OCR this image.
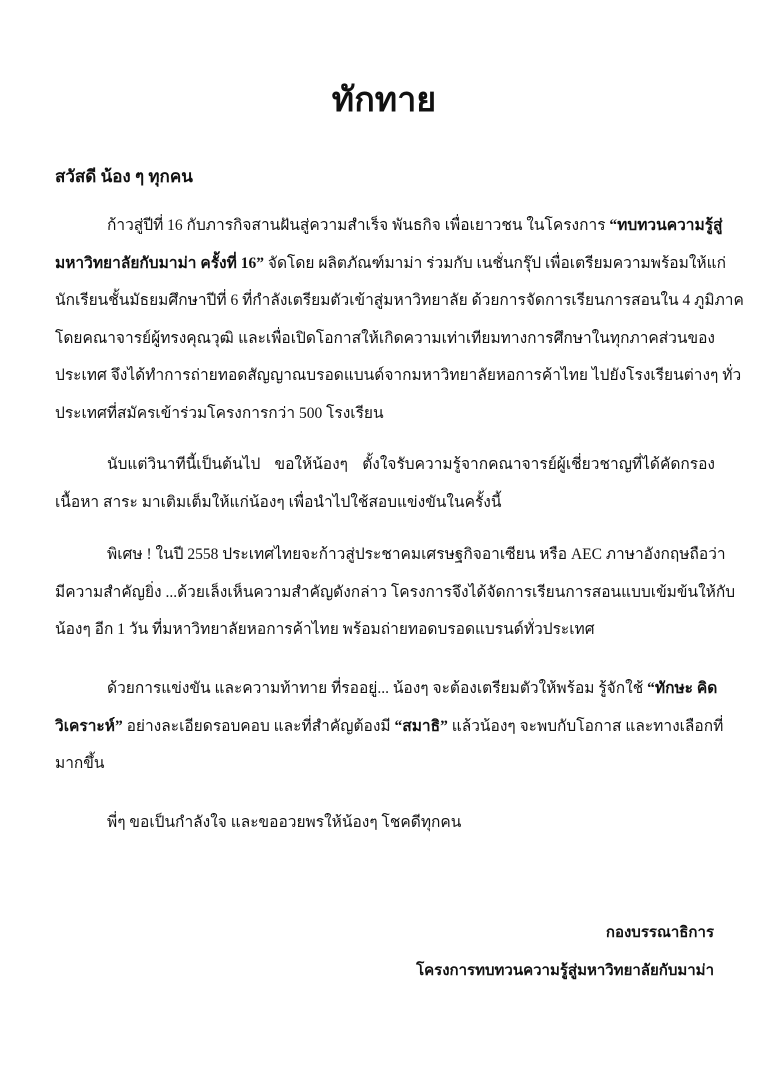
ทักทาย
สวัสดี น้อง ๆ ทุกคน
ก้าวสู่ปีที่ 16 กับภารกิจสานฝันสู่ความสำเร็จ พันธกิจ เพื่อเยาวชน ในโครงการ “ทบทวนความรู้สู่
มหาวิทยาลัยกับมาม่า ครั้งที่ 16” จัดโดย ผลิตภัณฑ์มาม่า ร่วมกับ เนชั่นกรุ๊ป เพื่อเตรียมความพร้อมให้แก่
นักเรียนชั้นมัธยมศึกษาปีที่ 6 ที่กำลังเตรียมตัวเข้าสู่มหาวิทยาลัย ด้วยการจัดการเรียนการสอนใน 4 ภูมิภาค
โดยคณาจารย์ผู้ทรงคุณวุฒิ และเพื่อเปิดโอกาสให้เกิดความเท่าเทียมทางการศึกษาในทุกภาคส่วนของ
ประเทศ จึงได้ทำการถ่ายทอดสัญญาณบรอดแบนด์จากมหาวิทยาลัยหอการค้าไทย ไปยังโรงเรียนต่างๆ ทั่ว
ประเทศที่สมัครเข้าร่วมโครงการกว่า 500 โรงเรียน
นับแต่วินาทีนี้เป็นต้นไป ขอให้น้องๆ ตั้งใจรับความรู้จากคณาจารย์ผู้เชี่ยวชาญที่ได้คัดกรอง
เนื้อหา สาระ มาเติมเต็มให้แก่น้องๆ เพื่อนำไปใช้สอบแข่งขันในครั้งนี้
พิเศษ ! ในปี 2558 ประเทศไทยจะก้าวสู่ประชาคมเศรษฐกิจอาเซียน หรือ AEC ภาษาอังกฤษถือว่า
มีความสำคัญยิ่ง ...ด้วยเล็งเห็นความสำคัญดังกล่าว โครงการจึงได้จัดการเรียนการสอนแบบเข้มข้นให้กับ
น้องๆ อีก 1 วัน ที่มหาวิทยาลัยหอการค้าไทย พร้อมถ่ายทอดบรอดแบรนด์ทั่วประเทศ
ด้วยการแข่งขัน และความท้าทาย ที่รออยู่... น้องๆ จะต้องเตรียมตัวให้พร้อม รู้จักใช้ “ทักษะ คิด
วิเคราะห์” อย่างละเอียดรอบคอบ และที่สำคัญต้องมี “สมาธิ” แล้วน้องๆ จะพบกับโอกาส และทางเลือกที่
มากขึ้น
พี่ๆ ขอเป็นกำลังใจ และขออวยพรให้น้องๆ โชคดีทุกคน
กองบรรณาธิการ
โครงการทบทวนความรู้สู่มหาวิทยาลัยกับมาม่า
